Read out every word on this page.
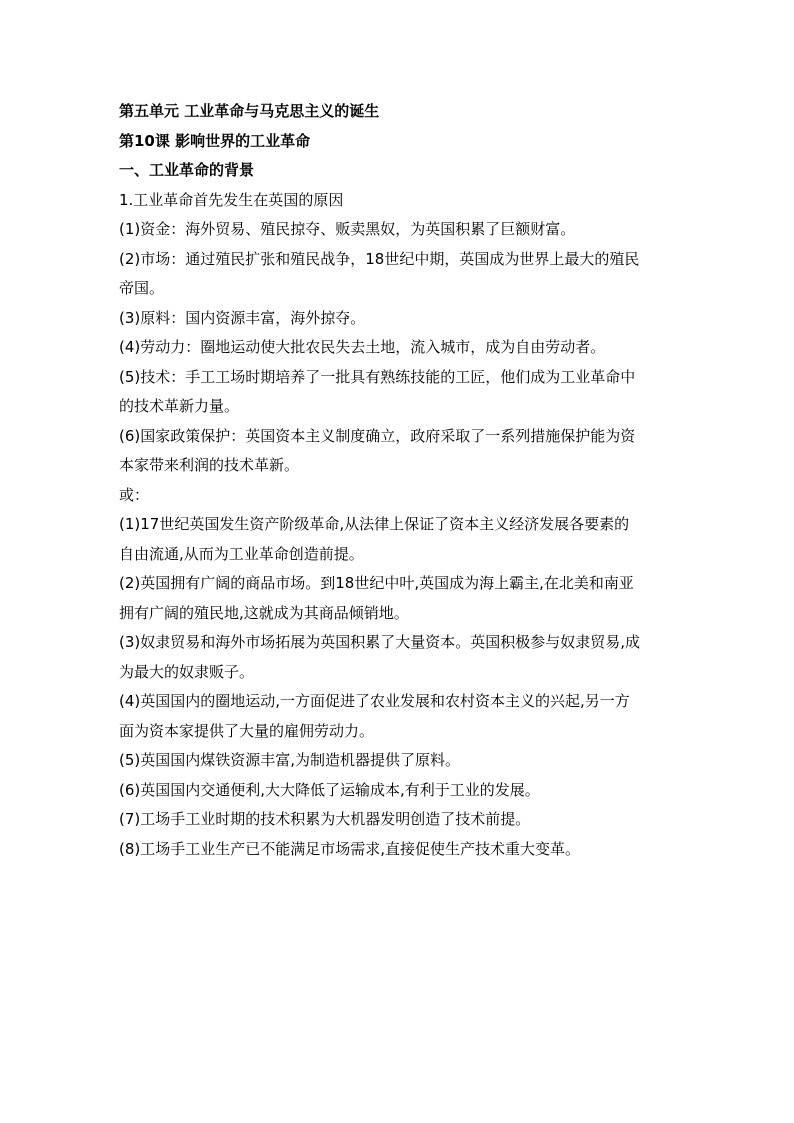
第五单元 工业革命与马克思主义的诞生
第10课 影响世界的工业革命
一、工业革命的背景
1.工业革命首先发生在英国的原因
(1)资金：海外贸易、殖民掠夺、贩卖黑奴，为英国积累了巨额财富。
(2)市场：通过殖民扩张和殖民战争，18世纪中期，英国成为世界上最大的殖民
帝国。
(3)原料：国内资源丰富，海外掠夺。
(4)劳动力：圈地运动使大批农民失去土地，流入城市，成为自由劳动者。
(5)技术：手工工场时期培养了一批具有熟练技能的工匠，他们成为工业革命中
的技术革新力量。
(6)国家政策保护：英国资本主义制度确立，政府采取了一系列措施保护能为资
本家带来利润的技术革新。
或：
(1)17世纪英国发生资产阶级革命,从法律上保证了资本主义经济发展各要素的
自由流通,从而为工业革命创造前提。
(2)英国拥有广阔的商品市场。到18世纪中叶,英国成为海上霸主,在北美和南亚
拥有广阔的殖民地,这就成为其商品倾销地。
(3)奴隶贸易和海外市场拓展为英国积累了大量资本。英国积极参与奴隶贸易,成
为最大的奴隶贩子。
(4)英国国内的圈地运动,一方面促进了农业发展和农村资本主义的兴起,另一方
面为资本家提供了大量的雇佣劳动力。
(5)英国国内煤铁资源丰富,为制造机器提供了原料。
(6)英国国内交通便利,大大降低了运输成本,有利于工业的发展。
(7)工场手工业时期的技术积累为大机器发明创造了技术前提。
(8)工场手工业生产已不能满足市场需求,直接促使生产技术重大变革。
